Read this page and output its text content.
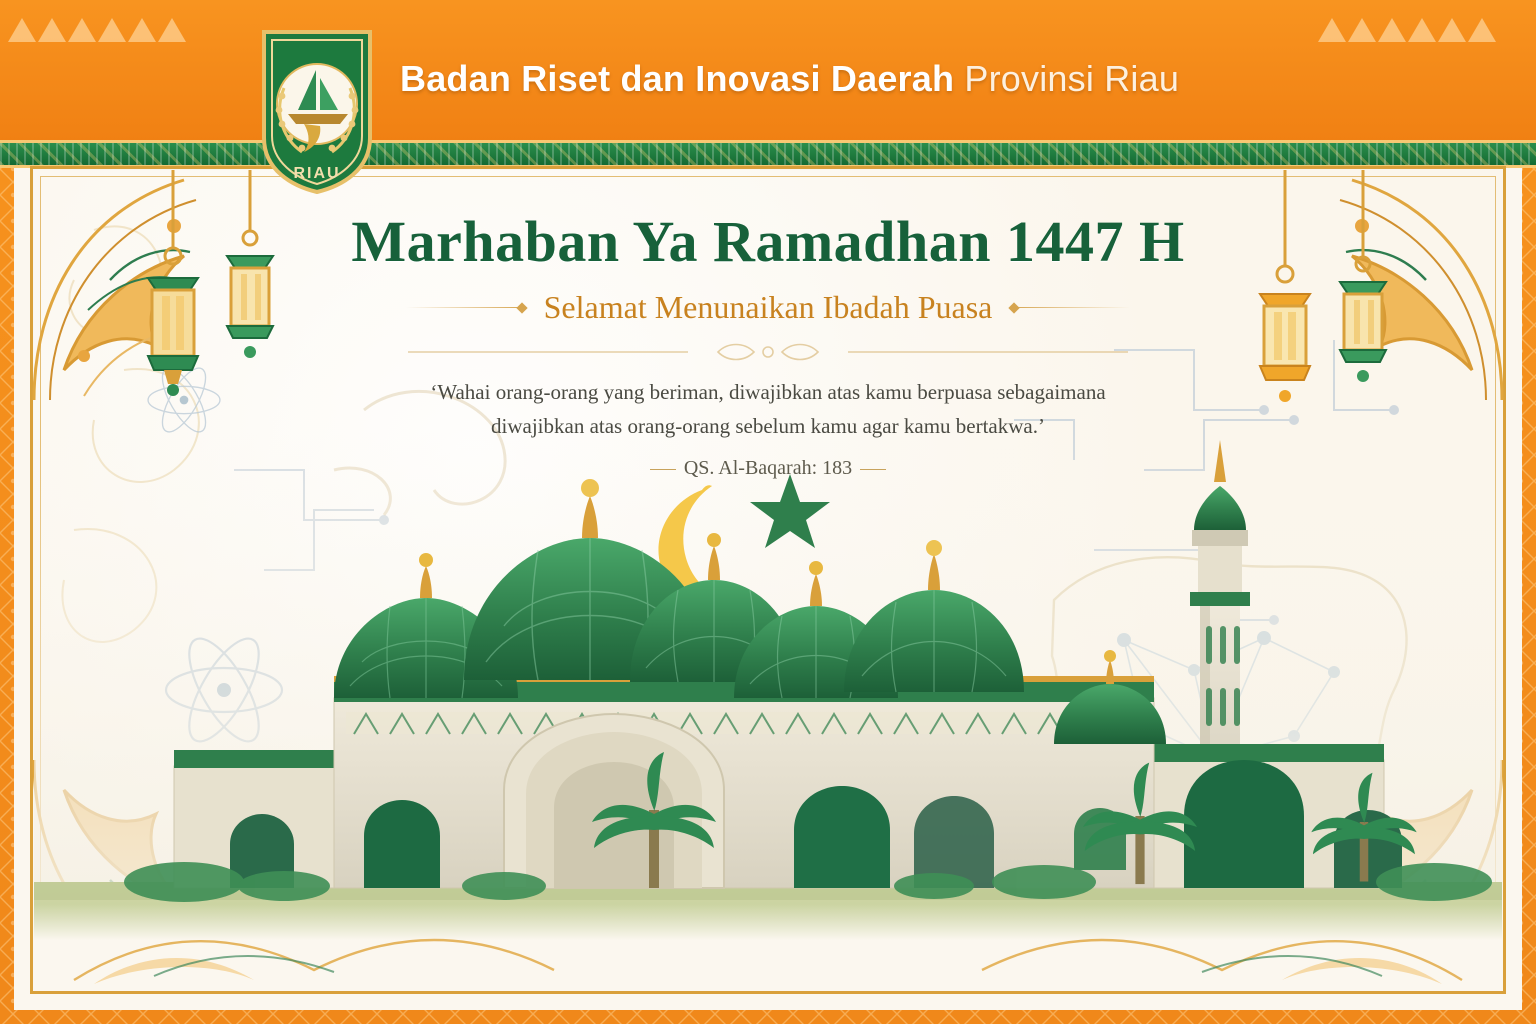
Badan Riset dan Inovasi Daerah Provinsi Riau
RIAU
Marhaban Ya Ramadhan 1447 H
Selamat Menunaikan Ibadah Puasa
‘Wahai orang-orang yang beriman, diwajibkan atas kamu berpuasa sebagaimana diwajibkan atas orang-orang sebelum kamu agar kamu bertakwa.’
QS. Al-Baqarah: 183
